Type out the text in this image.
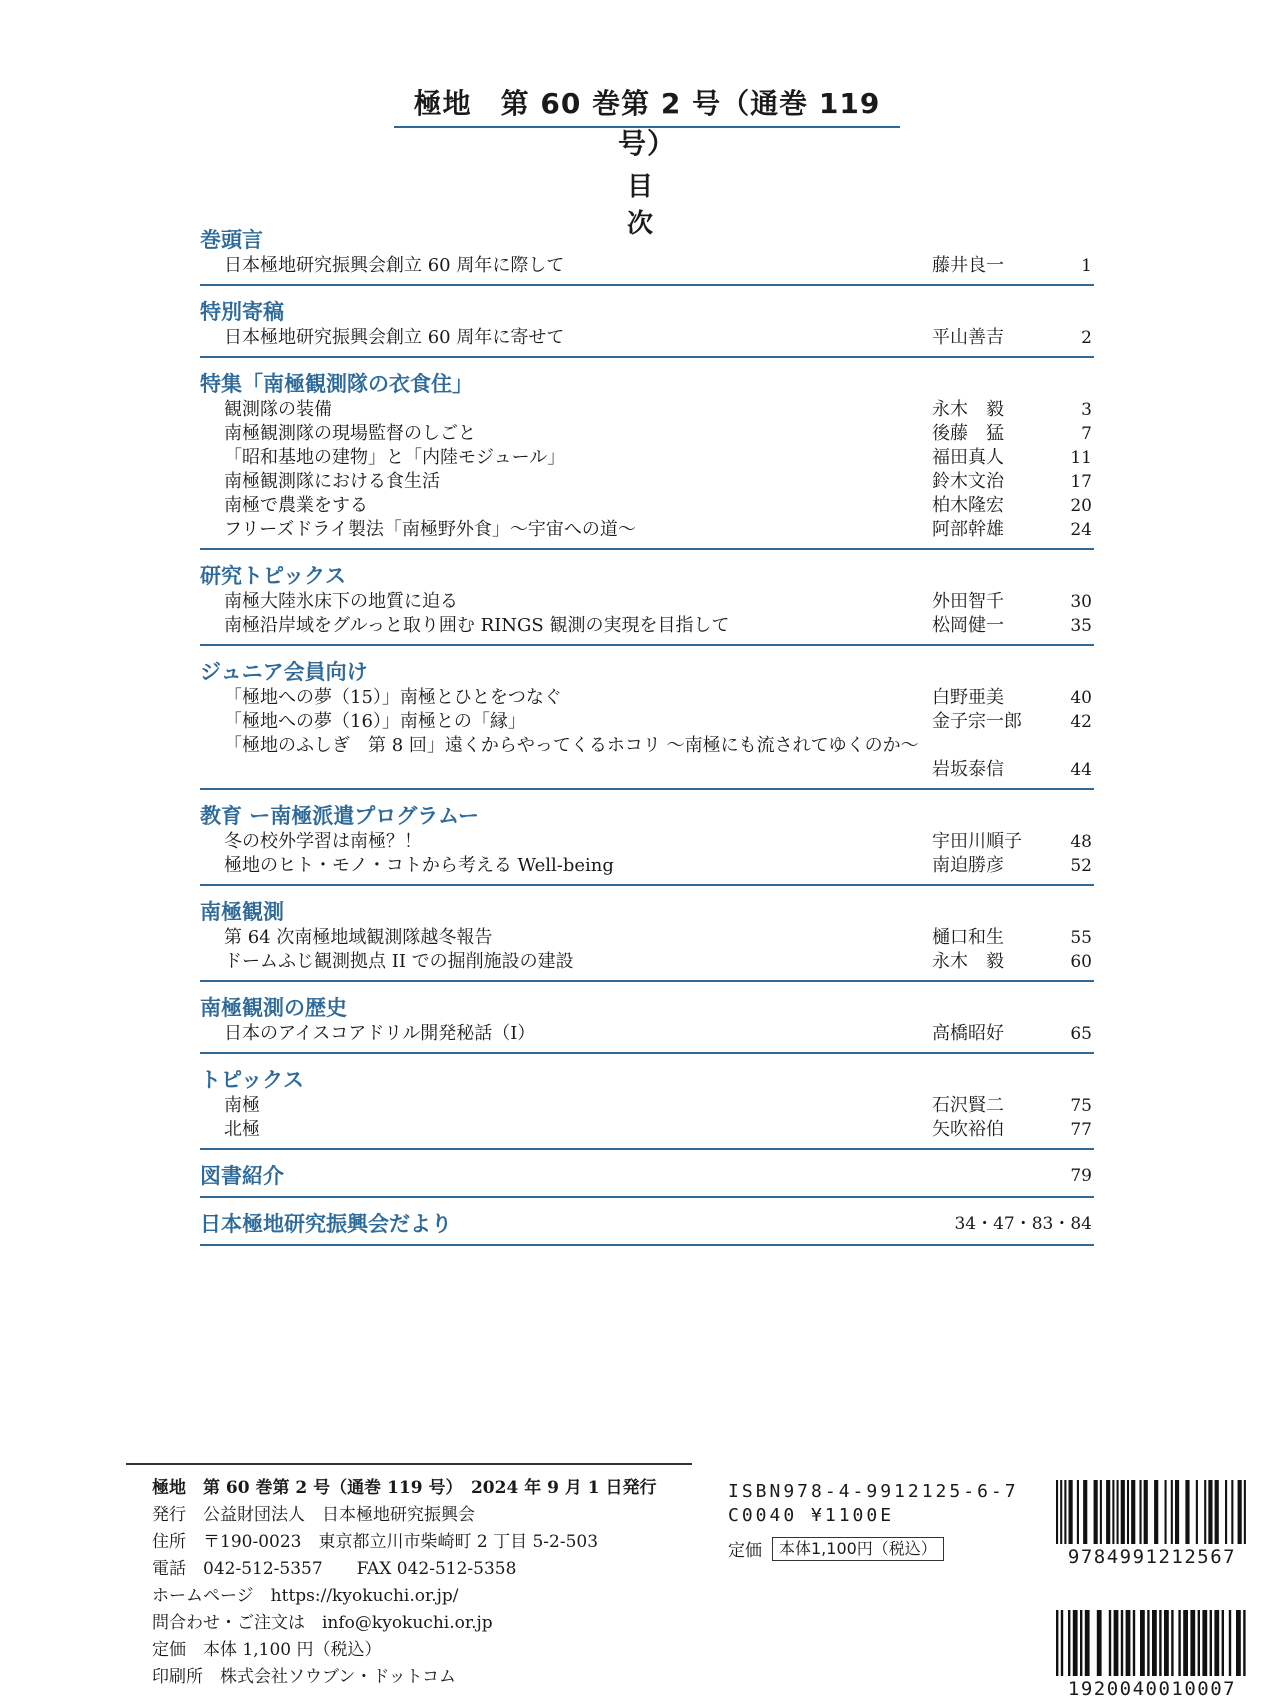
極地　第 60 巻第 2 号（通巻 119 号）
目　次
巻頭言
日本極地研究振興会創立 60 周年に際して	藤井良一	1
特別寄稿
日本極地研究振興会創立 60 周年に寄せて	平山善吉	2
特集「南極観測隊の衣食住」
観測隊の装備	永木　毅	3
南極観測隊の現場監督のしごと	後藤　猛	7
「昭和基地の建物」と「内陸モジュール」	福田真人	11
南極観測隊における食生活	鈴木文治	17
南極で農業をする	柏木隆宏	20
フリーズドライ製法「南極野外食」〜宇宙への道〜	阿部幹雄	24
研究トピックス
南極大陸氷床下の地質に迫る	外田智千	30
南極沿岸域をグルっと取り囲む RINGS 観測の実現を目指して	松岡健一	35
ジュニア会員向け
「極地への夢（15）」南極とひとをつなぐ	白野亜美	40
「極地への夢（16）」南極との「縁」	金子宗一郎	42
「極地のふしぎ　第 8 回」遠くからやってくるホコリ 〜南極にも流されてゆくのか〜
岩坂泰信	44
教育 ー南極派遣プログラムー
冬の校外学習は南極？！	宇田川順子	48
極地のヒト・モノ・コトから考える Well-being	南迫勝彦	52
南極観測
第 64 次南極地域観測隊越冬報告	樋口和生	55
ドームふじ観測拠点 II での掘削施設の建設	永木　毅	60
南極観測の歴史
日本のアイスコアドリル開発秘話（I）	高橋昭好	65
トピックス
南極	石沢賢二	75
北極	矢吹裕伯	77
図書紹介	79
日本極地研究振興会だより	34・47・83・84
極地　第 60 巻第 2 号（通巻 119 号）　2024 年 9 月 1 日発行
発行　公益財団法人　日本極地研究振興会
住所　〒190-0023　東京都立川市柴崎町 2 丁目 5-2-503
電話　042-512-5357　　FAX 042-512-5358
ホームページ　https://kyokuchi.or.jp/
問合わせ・ご注文は　info@kyokuchi.or.jp
定価　本体 1,100 円（税込）
印刷所　株式会社ソウブン・ドットコム
ISBN978-4-9912125-6-7
C0040 ¥1100E
定価	本体1,100円（税込）	9784991212567
1920040010007
